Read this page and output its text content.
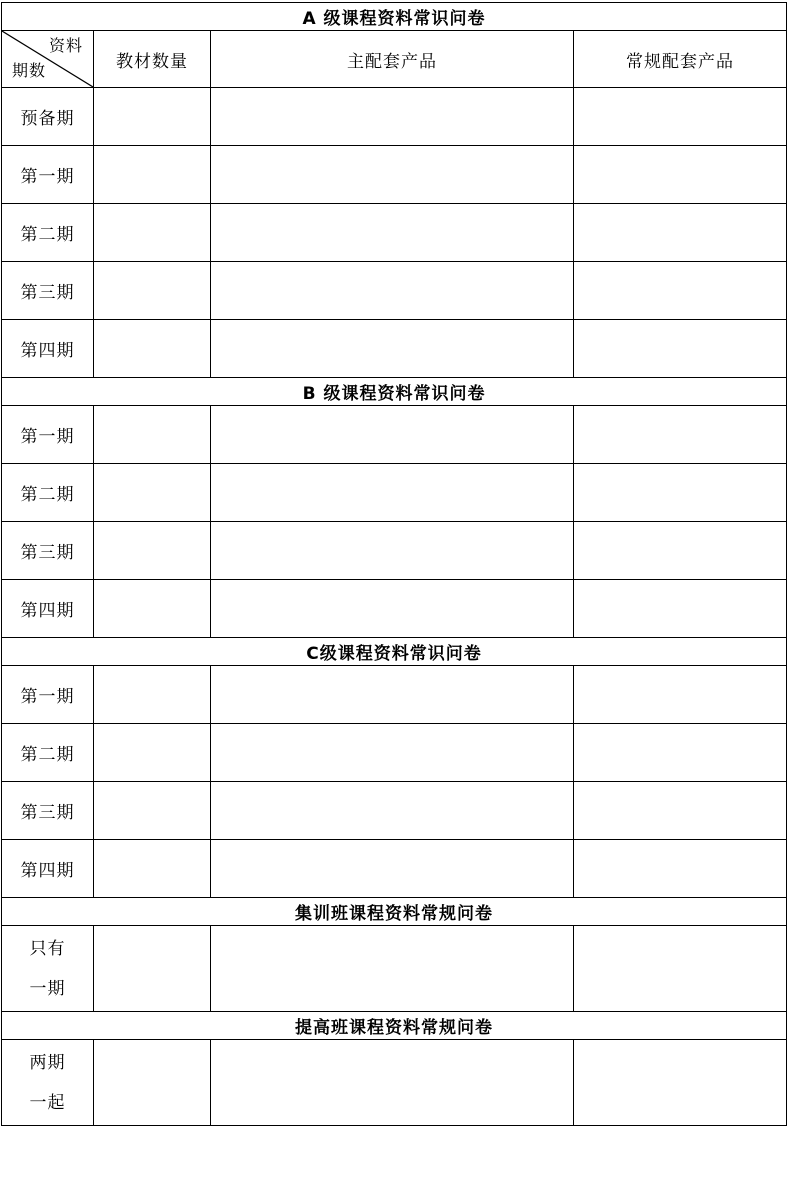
A 级课程资料常识问卷			

资料
期数	教材数量	主配套产品	常规配套产品
预备期			
第一期			
第二期			
第三期			
第四期			
B 级课程资料常识问卷			
第一期			
第二期			
第三期			
第四期			
C级课程资料常识问卷			
第一期			
第二期			
第三期			
第四期			
集训班课程资料常规问卷			

只有
一期			

提高班课程资料常规问卷			

两期
一起			
